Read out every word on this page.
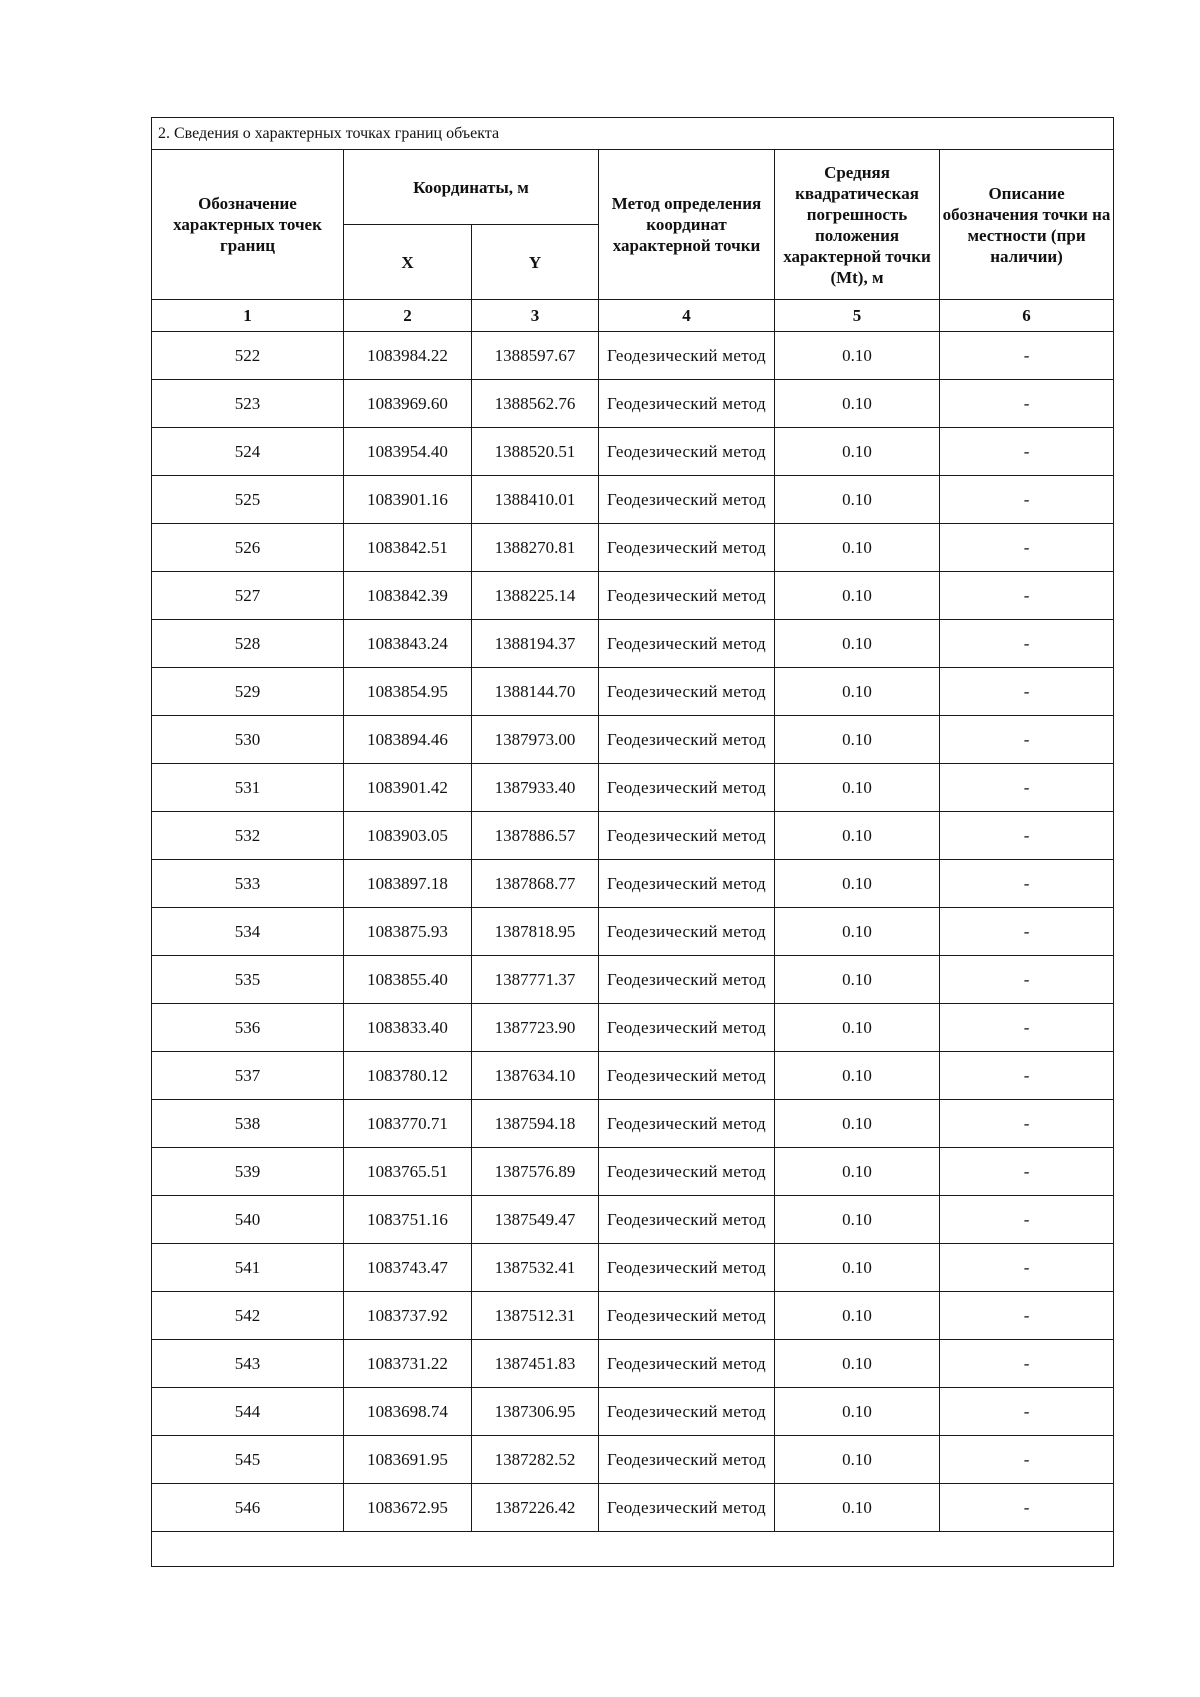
2. Сведения о характерных точках границ объекта					
Обозначение характерных точек границ	Координаты, м		Метод определения координат характерной точки	Средняя квадратическая погрешность положения характерной точки (Mt), м	Описание обозначения точки на местности (при наличии)
	X	Y			
1	2	3	4	5	6
522	1083984.22	1388597.67	Геодезический метод	0.10	-
523	1083969.60	1388562.76	Геодезический метод	0.10	-
524	1083954.40	1388520.51	Геодезический метод	0.10	-
525	1083901.16	1388410.01	Геодезический метод	0.10	-
526	1083842.51	1388270.81	Геодезический метод	0.10	-
527	1083842.39	1388225.14	Геодезический метод	0.10	-
528	1083843.24	1388194.37	Геодезический метод	0.10	-
529	1083854.95	1388144.70	Геодезический метод	0.10	-
530	1083894.46	1387973.00	Геодезический метод	0.10	-
531	1083901.42	1387933.40	Геодезический метод	0.10	-
532	1083903.05	1387886.57	Геодезический метод	0.10	-
533	1083897.18	1387868.77	Геодезический метод	0.10	-
534	1083875.93	1387818.95	Геодезический метод	0.10	-
535	1083855.40	1387771.37	Геодезический метод	0.10	-
536	1083833.40	1387723.90	Геодезический метод	0.10	-
537	1083780.12	1387634.10	Геодезический метод	0.10	-
538	1083770.71	1387594.18	Геодезический метод	0.10	-
539	1083765.51	1387576.89	Геодезический метод	0.10	-
540	1083751.16	1387549.47	Геодезический метод	0.10	-
541	1083743.47	1387532.41	Геодезический метод	0.10	-
542	1083737.92	1387512.31	Геодезический метод	0.10	-
543	1083731.22	1387451.83	Геодезический метод	0.10	-
544	1083698.74	1387306.95	Геодезический метод	0.10	-
545	1083691.95	1387282.52	Геодезический метод	0.10	-
546	1083672.95	1387226.42	Геодезический метод	0.10	-
